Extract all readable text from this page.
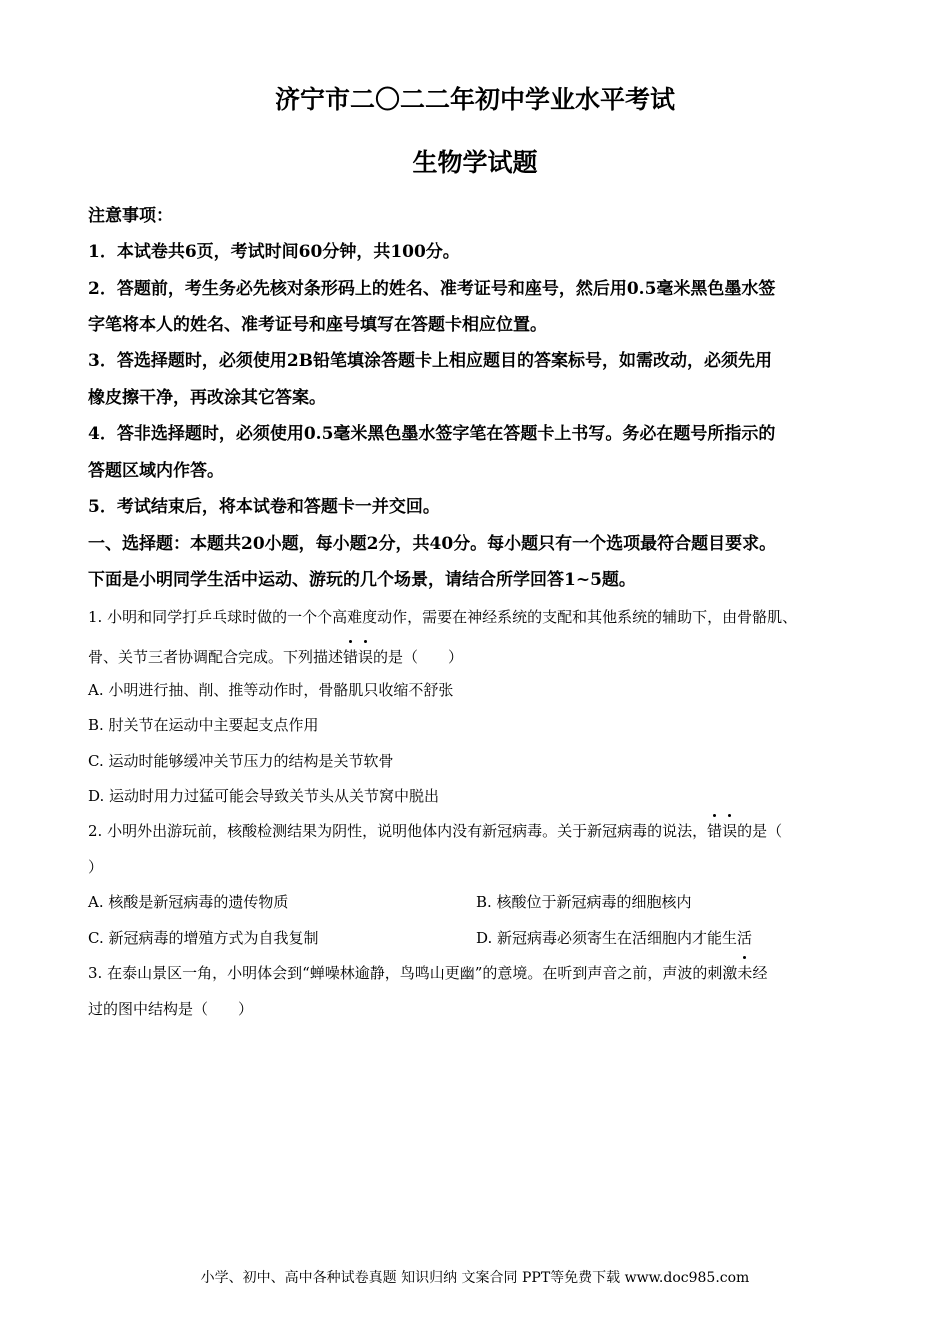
济宁市二〇二二年初中学业水平考试
生物学试题
注意事项：
1．本试卷共6页，考试时间60分钟，共100分。
2．答题前，考生务必先核对条形码上的姓名、准考证号和座号，然后用0.5毫米黑色墨水签
字笔将本人的姓名、准考证号和座号填写在答题卡相应位置。
3．答选择题时，必须使用2B铅笔填涂答题卡上相应题目的答案标号，如需改动，必须先用
橡皮擦干净，再改涂其它答案。
4．答非选择题时，必须使用0.5毫米黑色墨水签字笔在答题卡上书写。务必在题号所指示的
答题区域内作答。
5．考试结束后，将本试卷和答题卡一并交回。
一、选择题：本题共20小题，每小题2分，共40分。每小题只有一个选项最符合题目要求。
下面是小明同学生活中运动、游玩的几个场景，请结合所学回答1~5题。
1. 小明和同学打乒乓球时做的一个个高难度动作，需要在神经系统的支配和其他系统的辅助下，由骨骼肌、
骨、关节三者协调配合完成。下列描述错误的是（　　）
A. 小明进行抽、削、推等动作时，骨骼肌只收缩不舒张
B. 肘关节在运动中主要起支点作用
C. 运动时能够缓冲关节压力的结构是关节软骨
D. 运动时用力过猛可能会导致关节头从关节窝中脱出
2. 小明外出游玩前，核酸检测结果为阴性，说明他体内没有新冠病毒。关于新冠病毒的说法，错误的是（
）
A. 核酸是新冠病毒的遗传物质	B. 核酸位于新冠病毒的细胞核内
C. 新冠病毒的增殖方式为自我复制	D. 新冠病毒必须寄生在活细胞内才能生活
3. 在泰山景区一角，小明体会到“蝉噪林逾静，鸟鸣山更幽”的意境。在听到声音之前，声波的刺激未经
过的图中结构是（　　）
小学、初中、高中各种试卷真题 知识归纳 文案合同 PPT等免费下载 www.doc985.com
